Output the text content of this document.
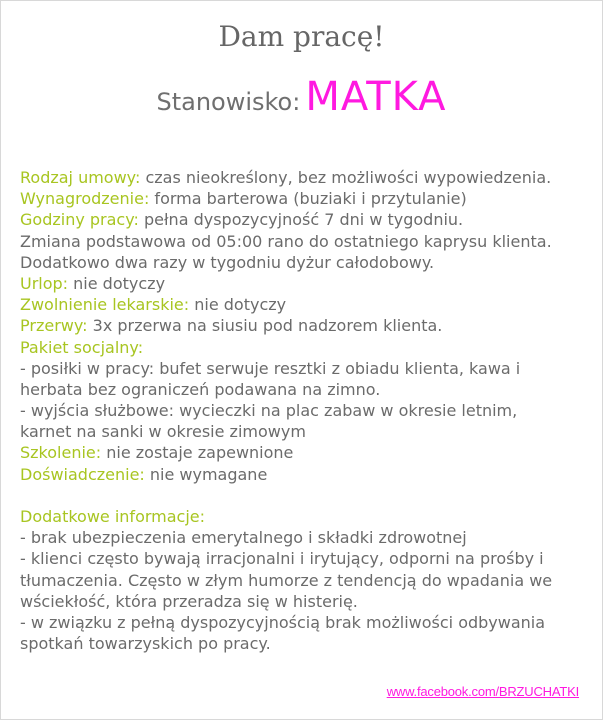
Dam pracę!
Stanowisko: MATKA
Rodzaj umowy: czas nieokreślony, bez możliwości wypowiedzenia.
Wynagrodzenie: forma barterowa (buziaki i przytulanie)
Godziny pracy: pełna dyspozycyjność 7 dni w tygodniu.
Zmiana podstawowa od 05:00 rano do ostatniego kaprysu klienta.
Dodatkowo dwa razy w tygodniu dyżur całodobowy.
Urlop: nie dotyczy
Zwolnienie lekarskie: nie dotyczy
Przerwy: 3x przerwa na siusiu pod nadzorem klienta.
Pakiet socjalny:
- posiłki w pracy: bufet serwuje resztki z obiadu klienta, kawa i
herbata bez ograniczeń podawana na zimno.
- wyjścia służbowe: wycieczki na plac zabaw w okresie letnim,
karnet na sanki w okresie zimowym
Szkolenie: nie zostaje zapewnione
Doświadczenie: nie wymagane
Dodatkowe informacje:
- brak ubezpieczenia emerytalnego i składki zdrowotnej
- klienci często bywają irracjonalni i irytujący, odporni na prośby i
tłumaczenia. Często w złym humorze z tendencją do wpadania we
wściekłość, która przeradza się w histerię.
- w związku z pełną dyspozycyjnością brak możliwości odbywania
spotkań towarzyskich po pracy.
www.facebook.com/BRZUCHATKI
